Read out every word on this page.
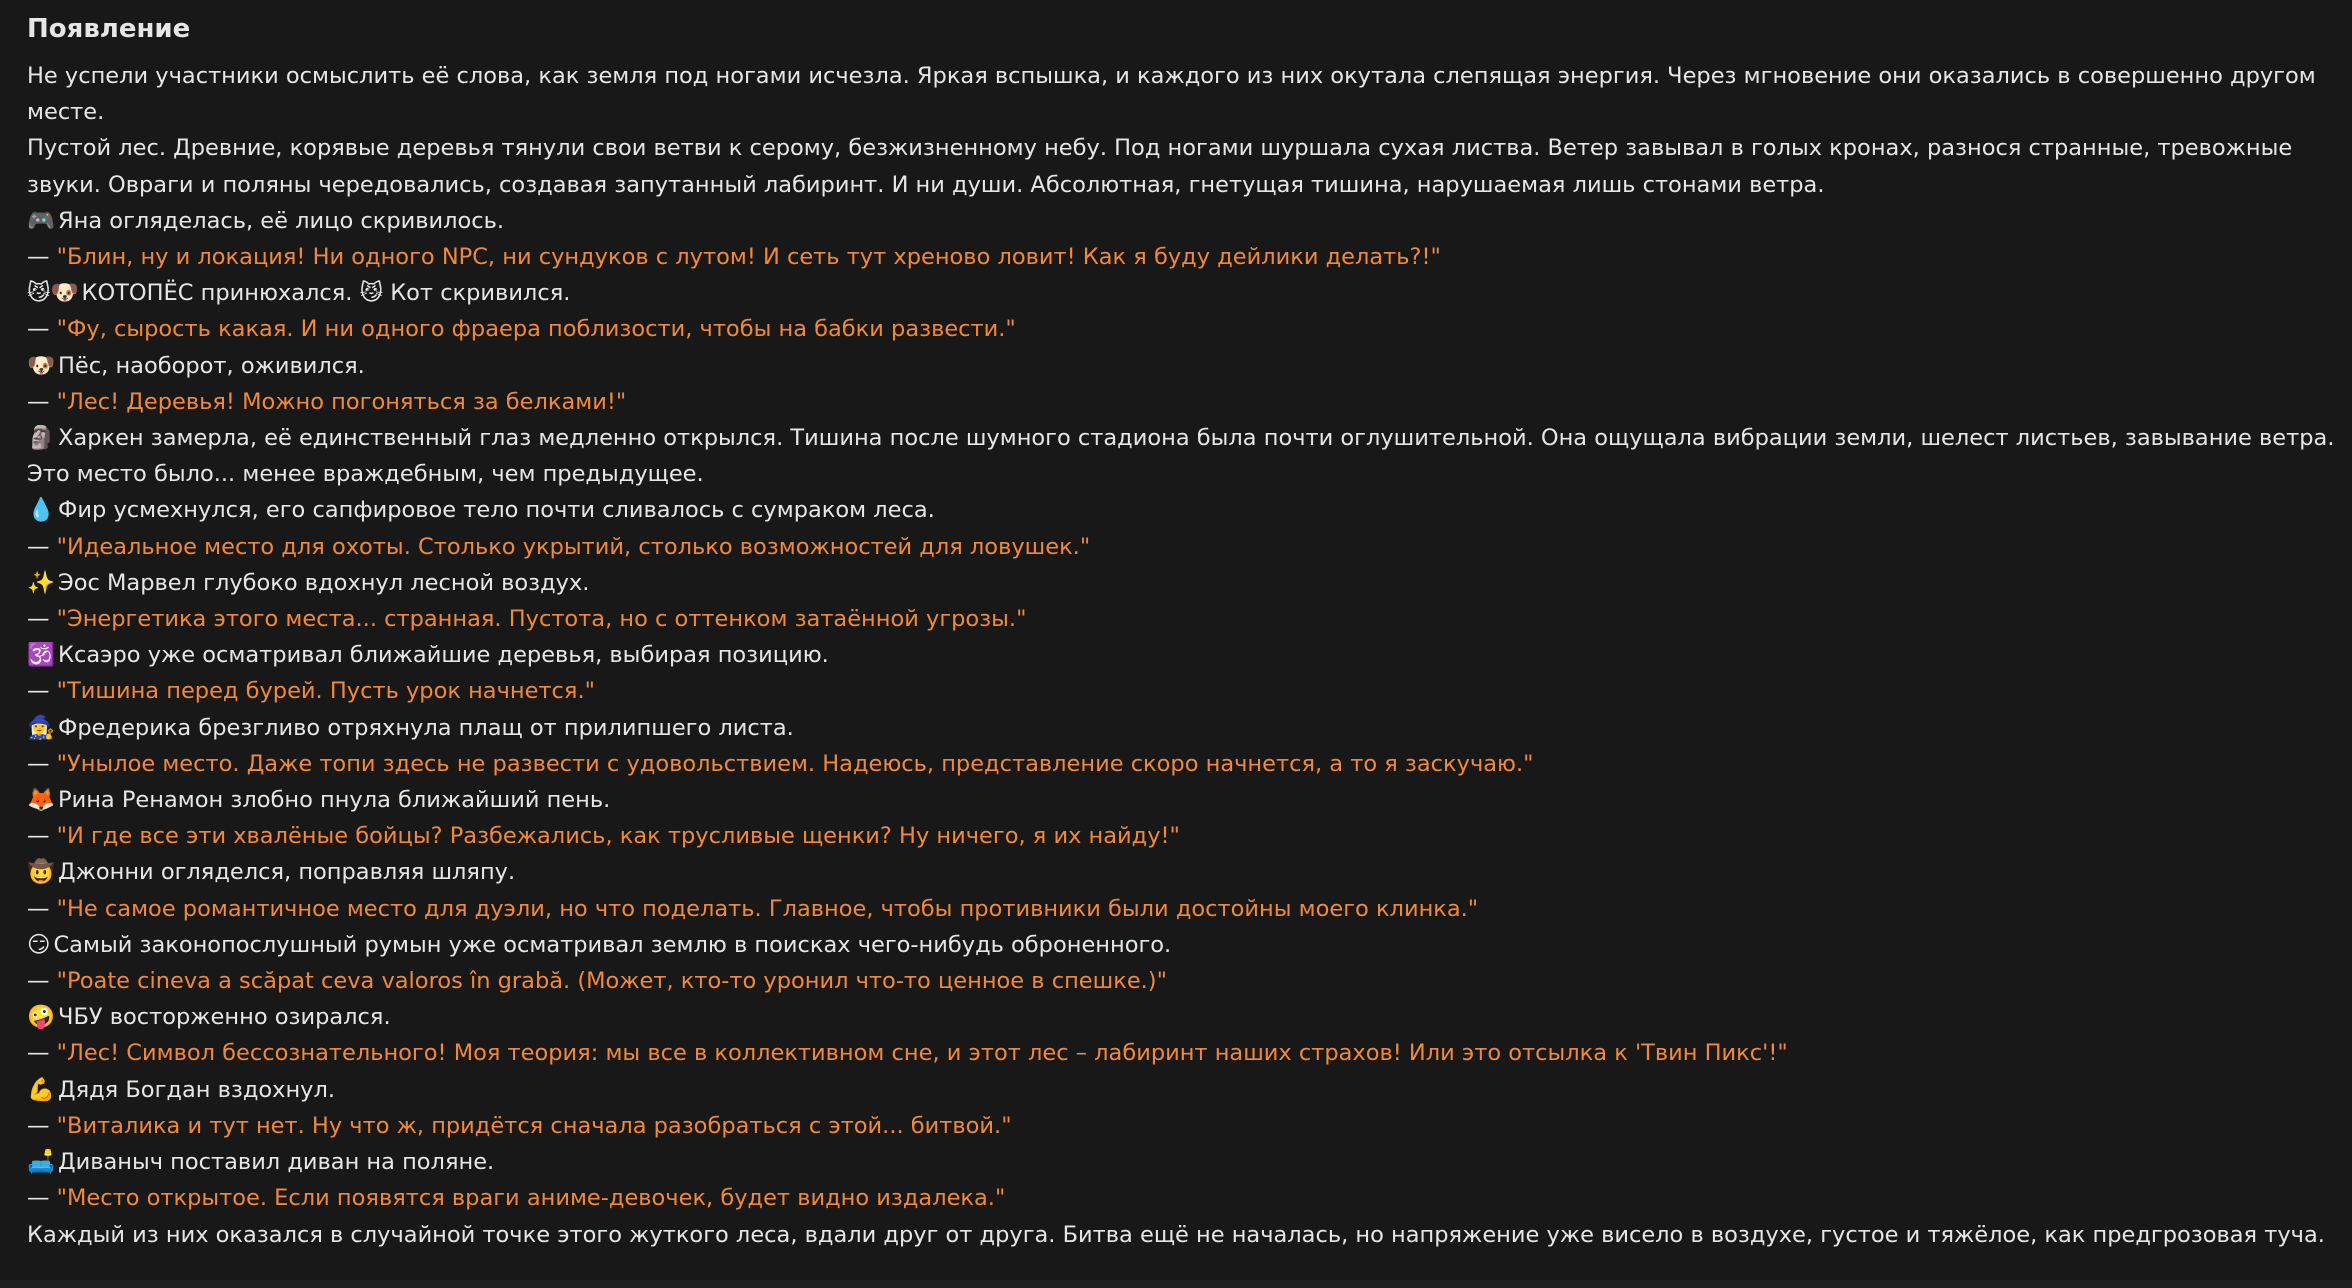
Появление
Не успели участники осмыслить её слова, как земля под ногами исчезла. Яркая вспышка, и каждого из них окутала слепящая энергия. Через мгновение они оказались в совершенно другом месте.
Пустой лес. Древние, корявые деревья тянули свои ветви к серому, безжизненному небу. Под ногами шуршала сухая листва. Ветер завывал в голых кронах, разнося странные, тревожные звуки. Овраги и поляны чередовались, создавая запутанный лабиринт. И ни души. Абсолютная, гнетущая тишина, нарушаемая лишь стонами ветра.
🎮 Яна огляделась, её лицо скривилось.
— "Блин, ну и локация! Ни одного NPC, ни сундуков с лутом! И сеть тут хреново ловит! Как я буду дейлики делать?!"
😼🐶 КОТОПЁС принюхался. 😼 Кот скривился.
— "Фу, сырость какая. И ни одного фраера поблизости, чтобы на бабки развести."
🐶 Пёс, наоборот, оживился.
— "Лес! Деревья! Можно погоняться за белками!"
🗿 Харкен замерла, её единственный глаз медленно открылся. Тишина после шумного стадиона была почти оглушительной. Она ощущала вибрации земли, шелест листьев, завывание ветра. Это место было... менее враждебным, чем предыдущее.
💧 Фир усмехнулся, его сапфировое тело почти сливалось с сумраком леса.
— "Идеальное место для охоты. Столько укрытий, столько возможностей для ловушек."
✨ Эос Марвел глубоко вдохнул лесной воздух.
— "Энергетика этого места... странная. Пустота, но с оттенком затаённой угрозы."
🕉️ Ксаэро уже осматривал ближайшие деревья, выбирая позицию.
— "Тишина перед бурей. Пусть урок начнется."
🧙‍♀️ Фредерика брезгливо отряхнула плащ от прилипшего листа.
— "Унылое место. Даже топи здесь не развести с удовольствием. Надеюсь, представление скоро начнется, а то я заскучаю."
🦊 Рина Ренамон злобно пнула ближайший пень.
— "И где все эти хвалёные бойцы? Разбежались, как трусливые щенки? Ну ничего, я их найду!"
🤠 Джонни огляделся, поправляя шляпу.
— "Не самое романтичное место для дуэли, но что поделать. Главное, чтобы противники были достойны моего клинка."
😏 Самый законопослушный румын уже осматривал землю в поисках чего-нибудь оброненного.
— "Poate cineva a scăpat ceva valoros în grabă. (Может, кто-то уронил что-то ценное в спешке.)"
🤪 ЧБУ восторженно озирался.
— "Лес! Символ бессознательного! Моя теория: мы все в коллективном сне, и этот лес – лабиринт наших страхов! Или это отсылка к 'Твин Пикс'!"
💪 Дядя Богдан вздохнул.
— "Виталика и тут нет. Ну что ж, придётся сначала разобраться с этой... битвой."
🛋️ Диваныч поставил диван на поляне.
— "Место открытое. Если появятся враги аниме-девочек, будет видно издалека."
Каждый из них оказался в случайной точке этого жуткого леса, вдали друг от друга. Битва ещё не началась, но напряжение уже висело в воздухе, густое и тяжёлое, как предгрозовая туча.
